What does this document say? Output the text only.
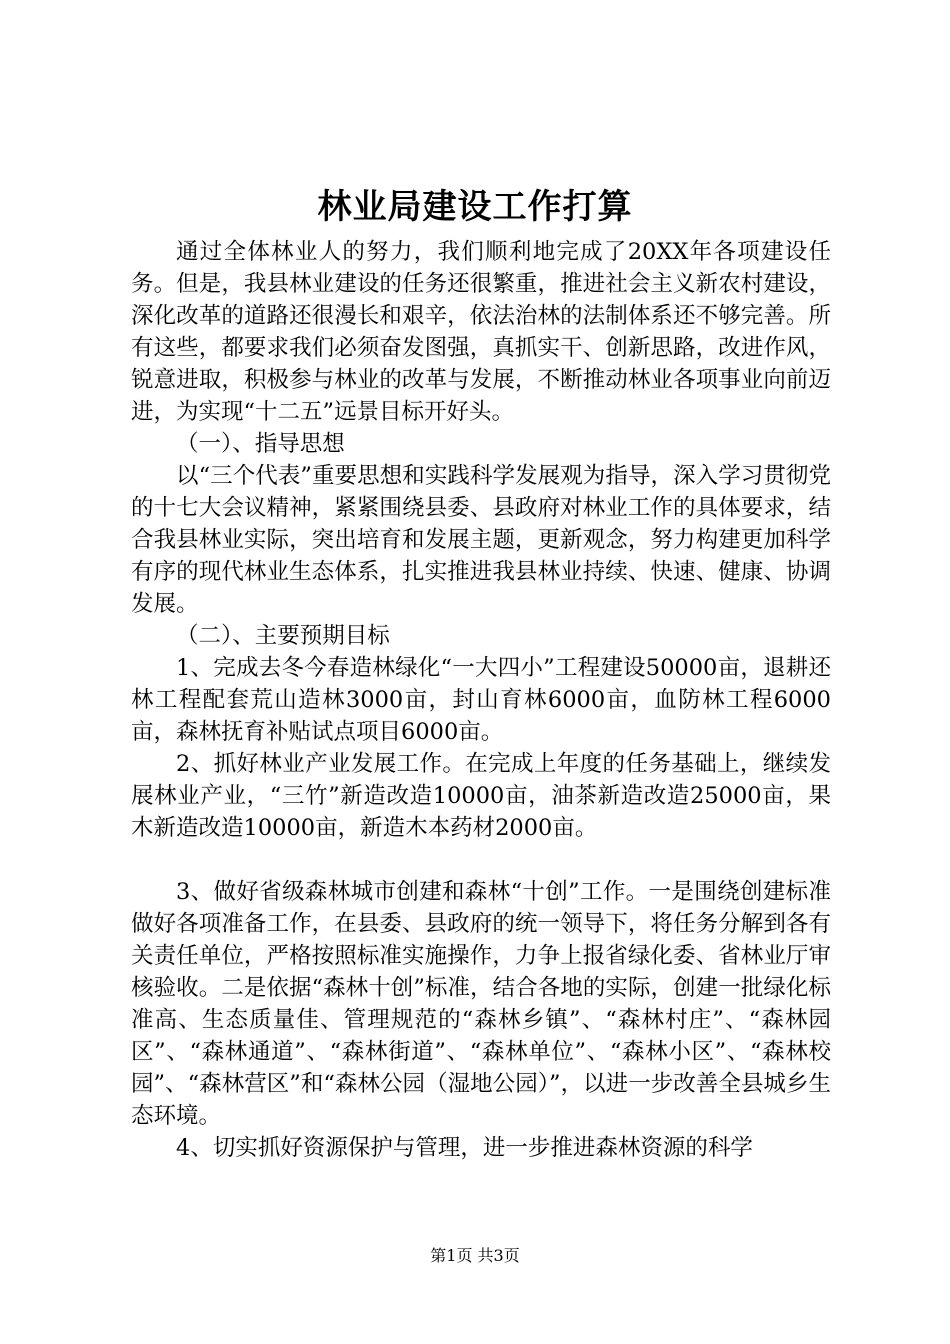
林业局建设工作打算

通过全体林业人的努力，我们顺利地完成了20XX年各项建设任务。但是，我县林业建设的任务还很繁重，推进社会主义新农村建设，深化改革的道路还很漫长和艰辛，依法治林的法制体系还不够完善。所有这些，都要求我们必须奋发图强，真抓实干、创新思路，改进作风，锐意进取，积极参与林业的改革与发展，不断推动林业各项事业向前迈进，为实现“十二五”远景目标开好头。

（一）、指导思想

以“三个代表”重要思想和实践科学发展观为指导，深入学习贯彻党的十七大会议精神，紧紧围绕县委、县政府对林业工作的具体要求，结合我县林业实际，突出培育和发展主题，更新观念，努力构建更加科学有序的现代林业生态体系，扎实推进我县林业持续、快速、健康、协调发展。

（二）、主要预期目标

1、完成去冬今春造林绿化“一大四小”工程建设50000亩，退耕还林工程配套荒山造林3000亩，封山育林6000亩，血防林工程6000亩，森林抚育补贴试点项目6000亩。

2、抓好林业产业发展工作。在完成上年度的任务基础上，继续发展林业产业，“三竹”新造改造10000亩，油茶新造改造25000亩，果木新造改造10000亩，新造木本药材2000亩。

3、做好省级森林城市创建和森林“十创”工作。一是围绕创建标准做好各项准备工作，在县委、县政府的统一领导下，将任务分解到各有关责任单位，严格按照标准实施操作，力争上报省绿化委、省林业厅审核验收。二是依据“森林十创”标准，结合各地的实际，创建一批绿化标准高、生态质量佳、管理规范的“森林乡镇”、“森林村庄”、“森林园区”、“森林通道”、“森林街道”、“森林单位”、“森林小区”、“森林校园”、“森林营区”和“森林公园（湿地公园）”，以进一步改善全县城乡生态环境。

4、切实抓好资源保护与管理，进一步推进森林资源的科学

第1页 共3页
